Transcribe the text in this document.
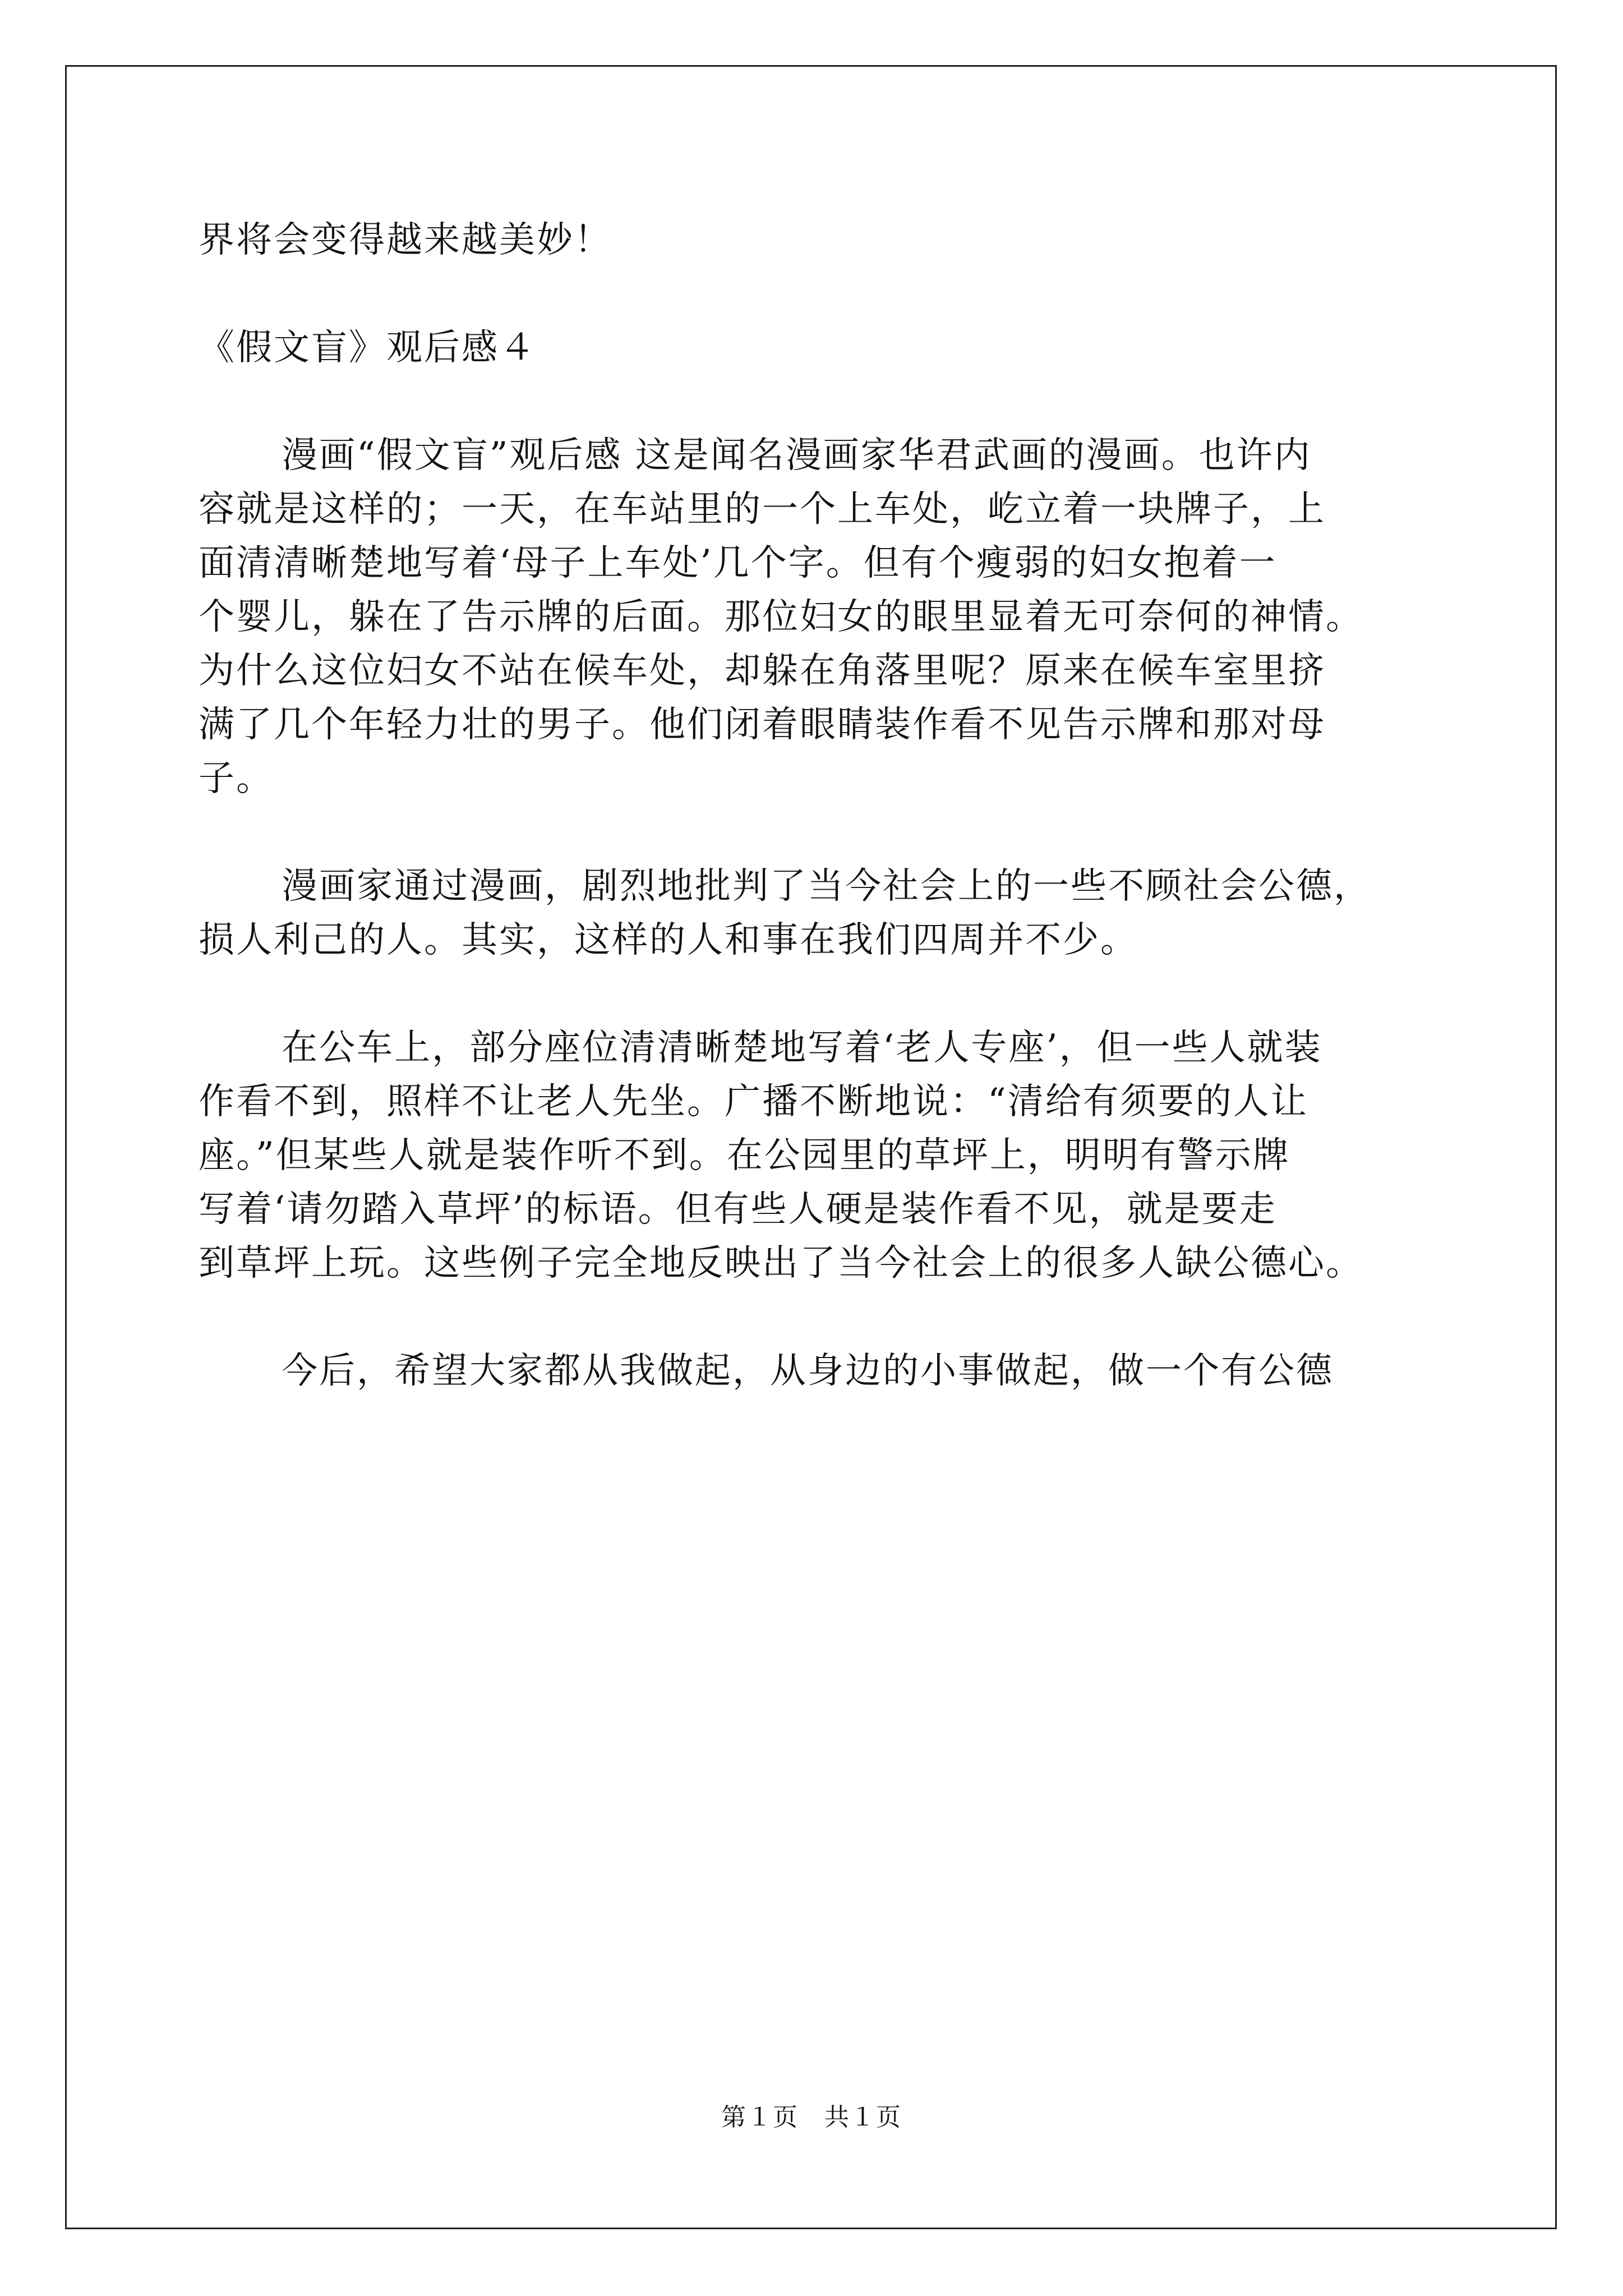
界将会变得越来越美妙！

《假文盲》观后感４

漫画“假文盲”观后感 这是闻名漫画家华君武画的漫画。也许内

容就是这样的；一天，在车站里的一个上车处，屹立着一块牌子，上

面清清晰楚地写着‘母子上车处’几个字。但有个瘦弱的妇女抱着一

个婴儿，躲在了告示牌的后面。那位妇女的眼里显着无可奈何的神情。

为什么这位妇女不站在候车处，却躲在角落里呢？原来在候车室里挤

满了几个年轻力壮的男子。他们闭着眼睛装作看不见告示牌和那对母

子。

漫画家通过漫画，剧烈地批判了当今社会上的一些不顾社会公德，

损人利己的人。其实，这样的人和事在我们四周并不少。

在公车上，部分座位清清晰楚地写着‘老人专座’，但一些人就装

作看不到，照样不让老人先坐。广播不断地说：“清给有须要的人让

座。”但某些人就是装作听不到。在公园里的草坪上，明明有警示牌

写着‘请勿踏入草坪’的标语。但有些人硬是装作看不见，就是要走

到草坪上玩。这些例子完全地反映出了当今社会上的很多人缺公德心。

今后，希望大家都从我做起，从身边的小事做起，做一个有公德

第１页　共１页
